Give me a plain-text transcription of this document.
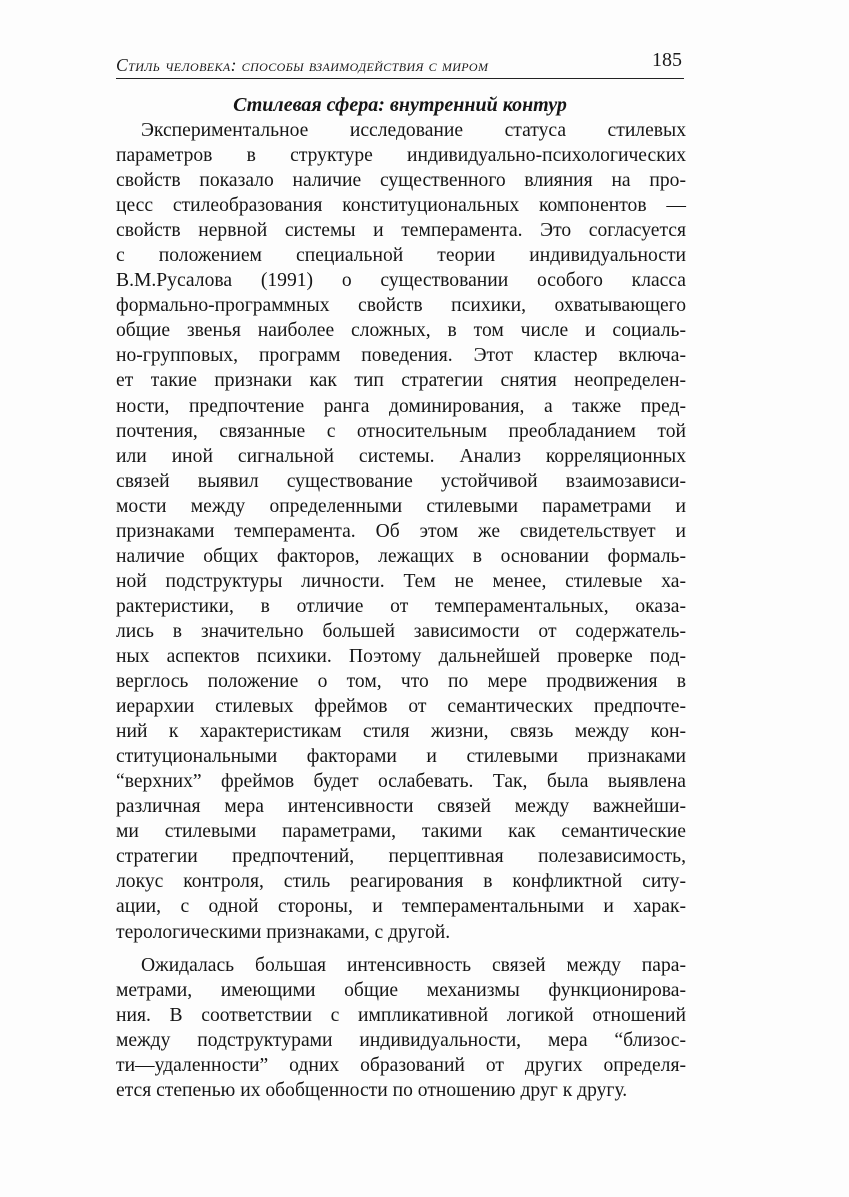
Стиль человека: способы взаимодействия с миром	185
Стилевая сфера: внутренний контур
Экспериментальное исследование статуса стилевых
параметров в структуре индивидуально-психологических
свойств показало наличие существенного влияния на про-
цесс стилеобразования конституциональных компонентов —
свойств нервной системы и темперамента. Это согласуется
с положением специальной теории индивидуальности
В.М.Русалова (1991) о существовании особого класса
формально-программных свойств психики, охватывающего
общие звенья наиболее сложных, в том числе и социаль-
но-групповых, программ поведения. Этот кластер включа-
ет такие признаки как тип стратегии снятия неопределен-
ности, предпочтение ранга доминирования, а также пред-
почтения, связанные с относительным преобладанием той
или иной сигнальной системы. Анализ корреляционных
связей выявил существование устойчивой взаимозависи-
мости между определенными стилевыми параметрами и
признаками темперамента. Об этом же свидетельствует и
наличие общих факторов, лежащих в основании формаль-
ной подструктуры личности. Тем не менее, стилевые ха-
рактеристики, в отличие от темпераментальных, оказа-
лись в значительно большей зависимости от содержатель-
ных аспектов психики. Поэтому дальнейшей проверке под-
верглось положение о том, что по мере продвижения в
иерархии стилевых фреймов от семантических предпочте-
ний к характеристикам стиля жизни, связь между кон-
ституциональными факторами и стилевыми признаками
“верхних” фреймов будет ослабевать. Так, была выявлена
различная мера интенсивности связей между важнейши-
ми стилевыми параметрами, такими как семантические
стратегии предпочтений, перцептивная полезависимость,
локус контроля, стиль реагирования в конфликтной ситу-
ации, с одной стороны, и темпераментальными и харак-
терологическими признаками, с другой.
Ожидалась большая интенсивность связей между пара-
метрами, имеющими общие механизмы функционирова-
ния. В соответствии с импликативной логикой отношений
между подструктурами индивидуальности, мера “близос-
ти—удаленности” одних образований от других определя-
ется степенью их обобщенности по отношению друг к другу.
